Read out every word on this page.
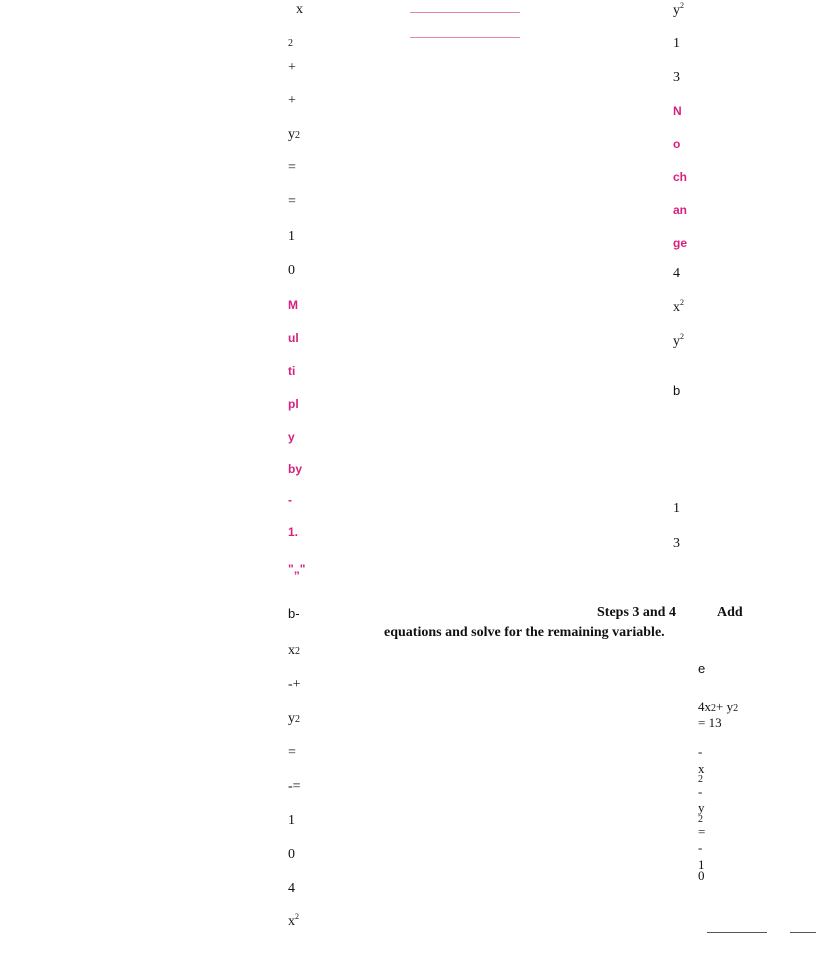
x
2
+
+
y2
=
=
1
0
M
ul
ti
pl
y
by
-
1.
"„"
b-
x2
-+
y2
=
-=
1
0
4
$x^2$
$y^2$
1
3
N
o
ch
an
ge
4
$x^2$
$y^2$
b
1
3
Steps 3 and 4	Add
equations and solve for the remaining variable.
e
4x2+ y2
= 13
-
x
2
-
y
2
=
-
1
0
